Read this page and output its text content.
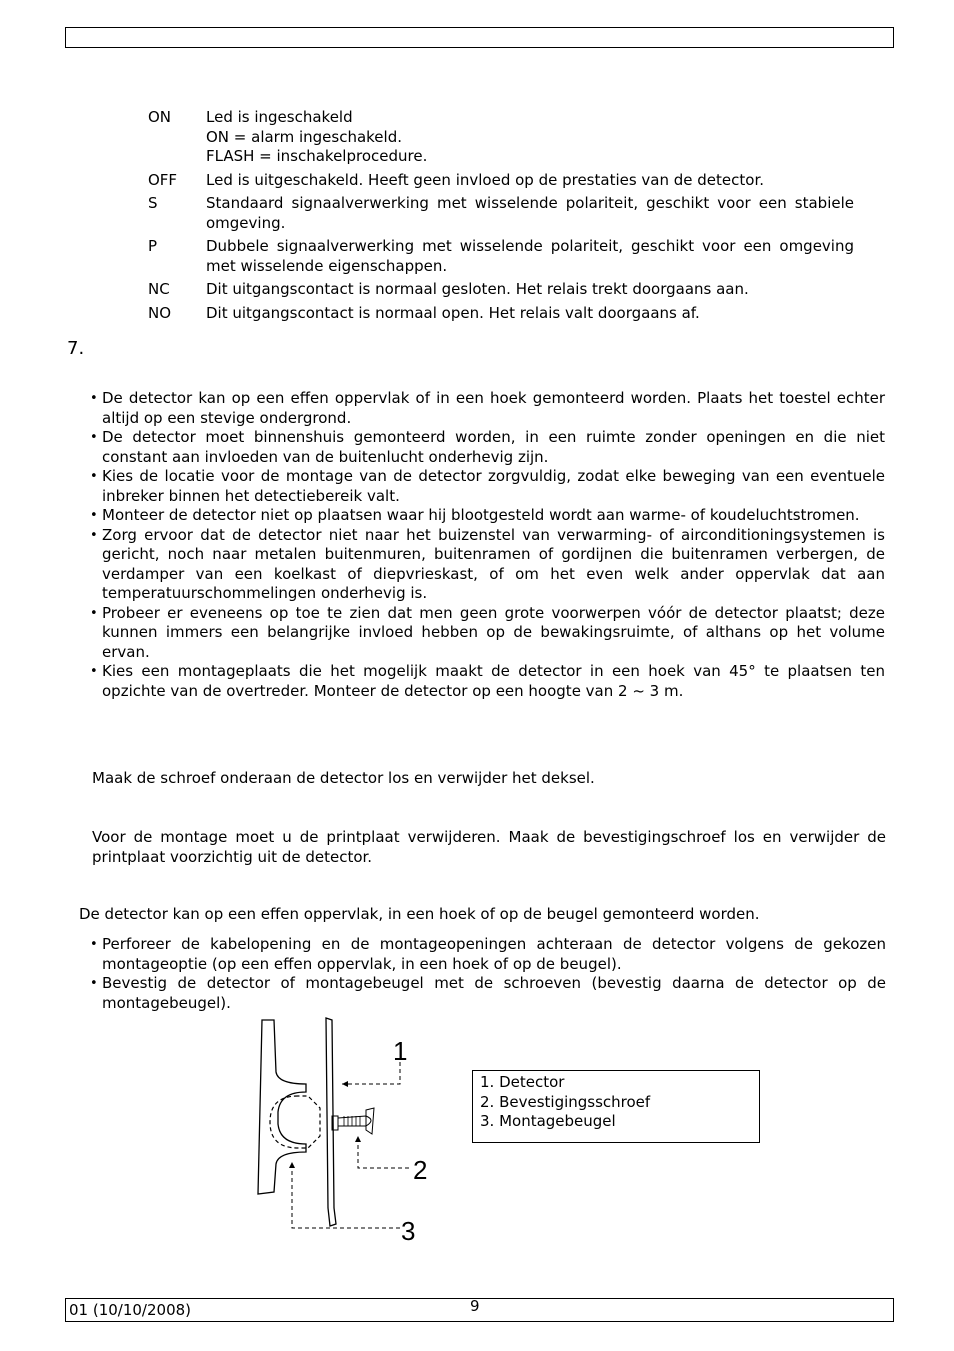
ON	Led is ingeschakeld
ON = alarm ingeschakeld.
FLASH = inschakelprocedure.
OFF	Led is uitgeschakeld. Heeft geen invloed op de prestaties van de detector.
S	Standaard signaalverwerking met wisselende polariteit, geschikt voor een stabiele omgeving.
P	Dubbele signaalverwerking met wisselende polariteit, geschikt voor een omgeving met wisselende eigenschappen.
NC	Dit uitgangscontact is normaal gesloten. Het relais trekt doorgaans aan.
NO	Dit uitgangscontact is normaal open. Het relais valt doorgaans af.
7.
• De detector kan op een effen oppervlak of in een hoek gemonteerd worden. Plaats het toestel echter altijd op een stevige ondergrond.
• De detector moet binnenshuis gemonteerd worden, in een ruimte zonder openingen en die niet constant aan invloeden van de buitenlucht onderhevig zijn.
• Kies de locatie voor de montage van de detector zorgvuldig, zodat elke beweging van een eventuele inbreker binnen het detectiebereik valt.
• Monteer de detector niet op plaatsen waar hij blootgesteld wordt aan warme- of koudeluchtstromen.
• Zorg ervoor dat de detector niet naar het buizenstel van verwarming- of airconditioningsystemen is gericht, noch naar metalen buitenmuren, buitenramen of gordijnen die buitenramen verbergen, de verdamper van een koelkast of diepvrieskast, of om het even welk ander oppervlak dat aan temperatuurschommelingen onderhevig is.
• Probeer er eveneens op toe te zien dat men geen grote voorwerpen vóór de detector plaatst; deze kunnen immers een belangrijke invloed hebben op de bewakingsruimte, of althans op het volume ervan.
• Kies een montageplaats die het mogelijk maakt de detector in een hoek van 45° te plaatsen ten opzichte van de overtreder. Monteer de detector op een hoogte van 2 ~ 3 m.
Maak de schroef onderaan de detector los en verwijder het deksel.
Voor de montage moet u de printplaat verwijderen. Maak de bevestigingschroef los en verwijder de printplaat voorzichtig uit de detector.
De detector kan op een effen oppervlak, in een hoek of op de beugel gemonteerd worden.
• Perforeer de kabelopening en de montageopeningen achteraan de detector volgens de gekozen montageoptie (op een effen oppervlak, in een hoek of op de beugel).
• Bevestig de detector of montagebeugel met de schroeven (bevestig daarna de detector op de montagebeugel).
1
2
3
1. Detector
2. Bevestigingsschroef
3. Montagebeugel
01 (10/10/2008)	9
